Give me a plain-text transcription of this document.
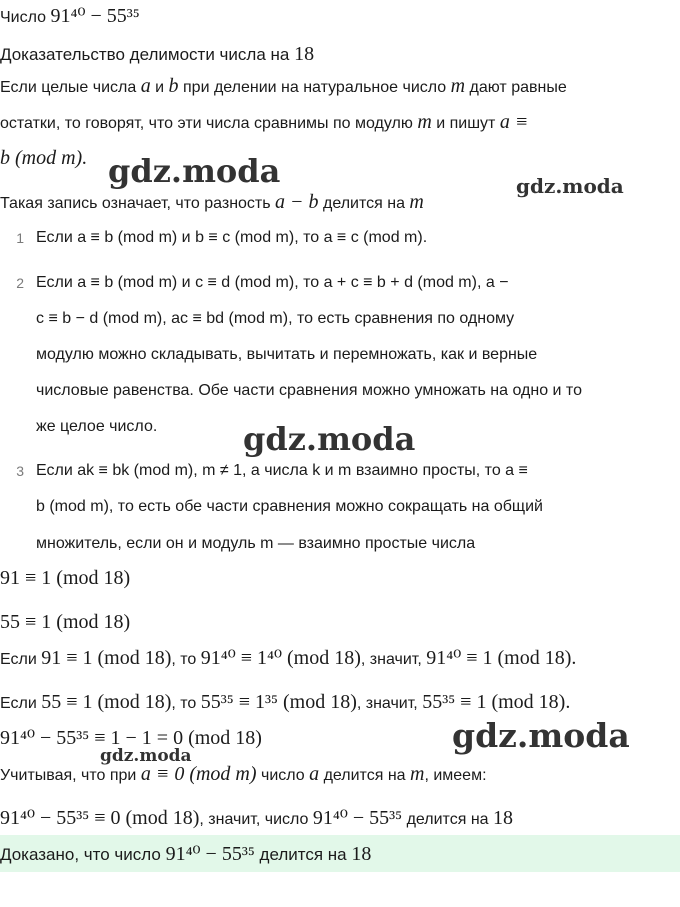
Число 91⁴⁰ − 55³⁵
Доказательство делимости числа на 18
Если целые числа a и b при делении на натуральное число m дают равные
остатки, то говорят, что эти числа сравнимы по модулю m и пишут a ≡
b (mod m). gdz.moda	gdz.moda
Такая запись означает, что разность a − b делится на m
1 Если a ≡ b (mod m) и b ≡ c (mod m), то a ≡ c (mod m).
2 Если a ≡ b (mod m) и c ≡ d (mod m), то a + c ≡ b + d (mod m), a −
c ≡ b − d (mod m), ac ≡ bd (mod m), то есть сравнения по одному
модулю можно складывать, вычитать и перемножать, как и верные
числовые равенства. Обе части сравнения можно умножать на одно и то
же целое число.	gdz.moda
3 Если ak ≡ bk (mod m), m ≠ 1, а числа k и m взаимно просты, то a ≡
b (mod m), то есть обе части сравнения можно сокращать на общий
множитель, если он и модуль m — взаимно простые числа
91 ≡ 1 (mod 18)
55 ≡ 1 (mod 18)
Если 91 ≡ 1 (mod 18), то 91⁴⁰ ≡ 1⁴⁰ (mod 18), значит, 91⁴⁰ ≡ 1 (mod 18).
Если 55 ≡ 1 (mod 18), то 55³⁵ ≡ 1³⁵ (mod 18), значит, 55³⁵ ≡ 1 (mod 18).
91⁴⁰ − 55³⁵ ≡ 1 − 1 = 0 (mod 18)
gdz.moda
gdz.moda
Учитывая, что при a ≡ 0 (mod m) число a делится на m, имеем:
91⁴⁰ − 55³⁵ ≡ 0 (mod 18), значит, число 91⁴⁰ − 55³⁵ делится на 18
Доказано, что число 91⁴⁰ − 55³⁵ делится на 18
